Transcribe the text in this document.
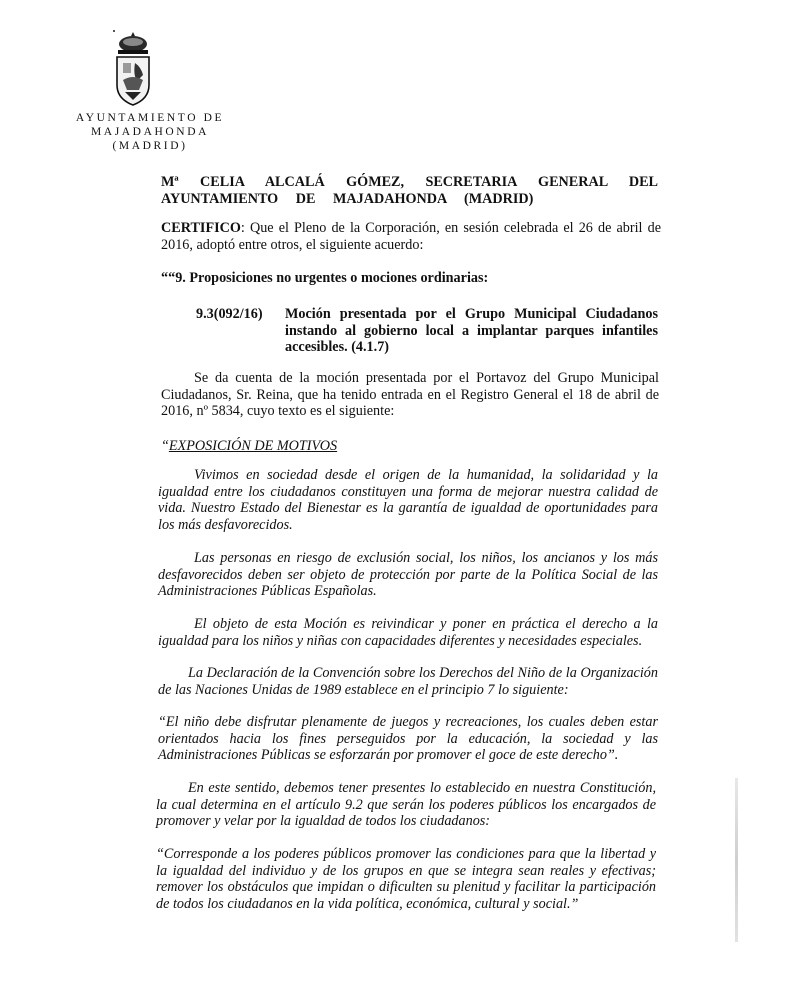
AYUNTAMIENTO DE
MAJADAHONDA
(MADRID)
Mª CELIA ALCALÁ GÓMEZ, SECRETARIA GENERAL DEL AYUNTAMIENTO DE MAJADAHONDA (MADRID)
CERTIFICO: Que el Pleno de la Corporación, en sesión celebrada el 26 de abril de 2016, adoptó entre otros, el siguiente acuerdo:
““9. Proposiciones no urgentes o mociones ordinarias:
9.3(092/16)	Moción presentada por el Grupo Municipal Ciudadanos instando al gobierno local a implantar parques infantiles accesibles. (4.1.7)
Se da cuenta de la moción presentada por el Portavoz del Grupo Municipal Ciudadanos, Sr. Reina, que ha tenido entrada en el Registro General el 18 de abril de 2016, nº 5834, cuyo texto es el siguiente:
“EXPOSICIÓN DE MOTIVOS
Vivimos en sociedad desde el origen de la humanidad, la solidaridad y la igualdad entre los ciudadanos constituyen una forma de mejorar nuestra calidad de vida. Nuestro Estado del Bienestar es la garantía de igualdad de oportunidades para los más desfavorecidos.
Las personas en riesgo de exclusión social, los niños, los ancianos y los más desfavorecidos deben ser objeto de protección por parte de la Política Social de las Administraciones Públicas Españolas.
El objeto de esta Moción es reivindicar y poner en práctica el derecho a la igualdad para los niños y niñas con capacidades diferentes y necesidades especiales.
La Declaración de la Convención sobre los Derechos del Niño de la Organización de las Naciones Unidas de 1989 establece en el principio 7 lo siguiente:
“El niño debe disfrutar plenamente de juegos y recreaciones, los cuales deben estar orientados hacia los fines perseguidos por la educación, la sociedad y las Administraciones Públicas se esforzarán por promover el goce de este derecho”.
En este sentido, debemos tener presentes lo establecido en nuestra Constitución, la cual determina en el artículo 9.2 que serán los poderes públicos los encargados de promover y velar por la igualdad de todos los ciudadanos:
“Corresponde a los poderes públicos promover las condiciones para que la libertad y la igualdad del individuo y de los grupos en que se integra sean reales y efectivas; remover los obstáculos que impidan o dificulten su plenitud y facilitar la participación de todos los ciudadanos en la vida política, económica, cultural y social.”
